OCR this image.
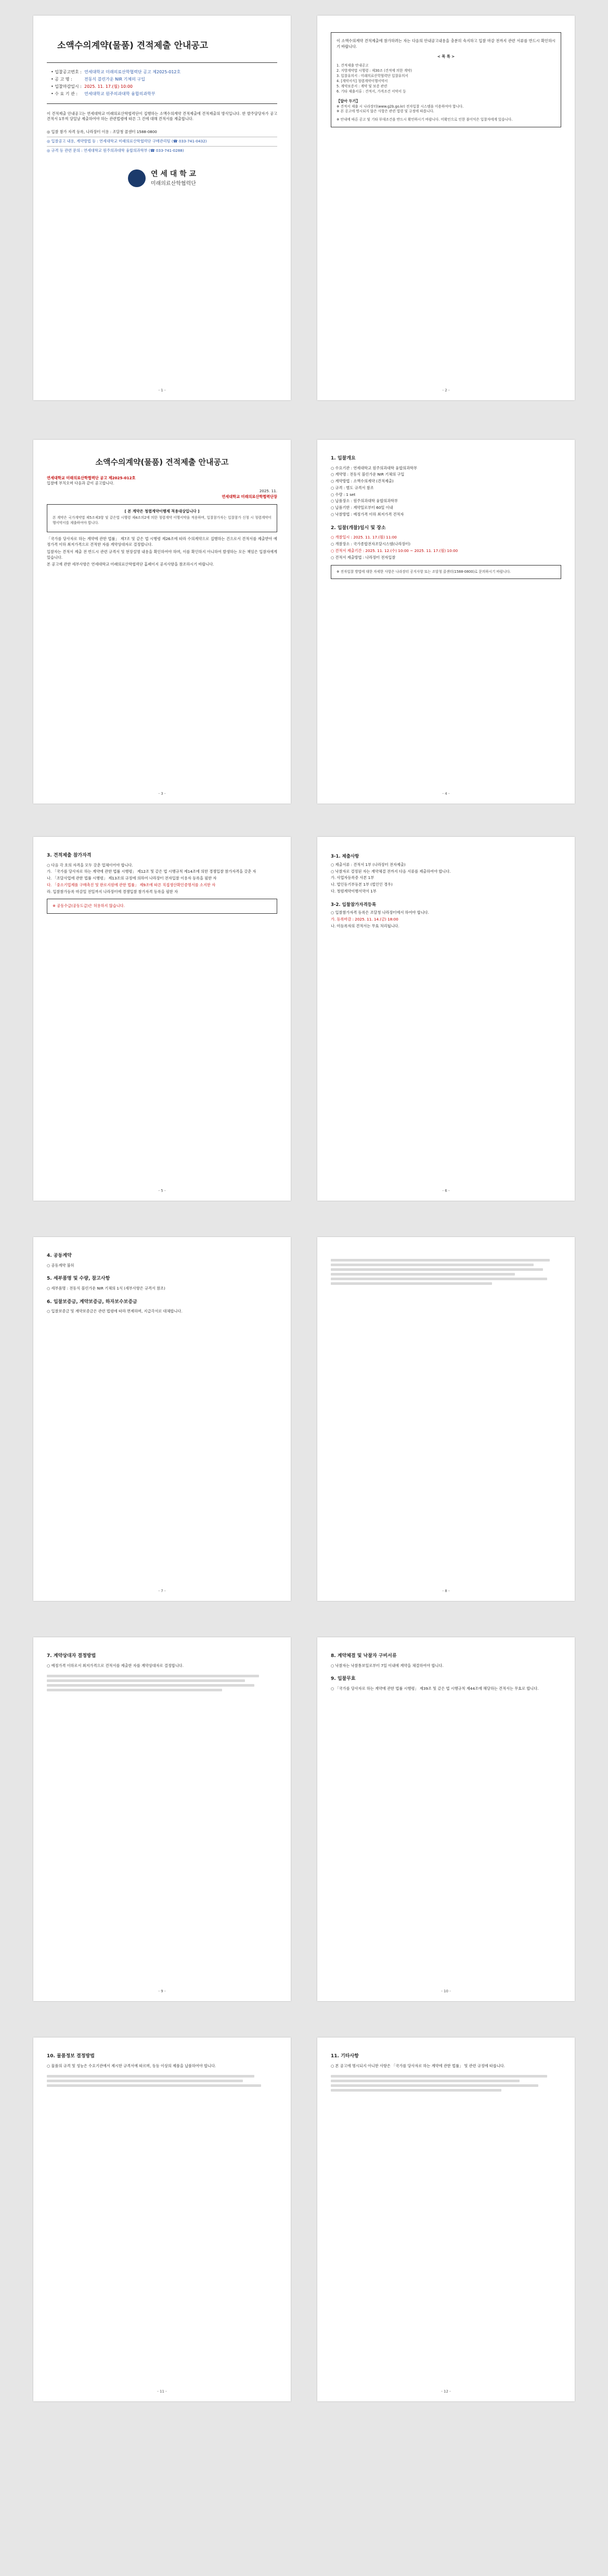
소액수의계약(물품) 견적제출 안내공고
• 입찰공고번호 : 연세대학교 미래의료산학협력단 공고 제2025-012호
• 공 고 명 :	전동식 블린가운 NIR 기체의 구입
• 입찰마감일시 : 2025. 11. 17.(월) 10:00
• 수 요 기 관 :	연세대학교 원주의과대학 융합의과학부
이 견적제출 안내공고는 연세대학교 미래의료산학협력단이 집행하는 소액수의계약 견적제출에 견적제출의 방식입니다. 한 발주담당자가 공고 견적서 1부씩 당일날 제출하여야 하는 관련법령에 따른 그 건에 대해 견적서를 제출합니다.
◎ 입찰 참가 자격 등록, 나라장터 이용 : 조달청 콜센터 1588-0800
◎ 입찰공고 내용, 계약방법 등 : 연세대학교 미래의료산학협력단 구매관리팀 (☎ 033-741-0432)
◎ 규격 등 관련 문의 : 연세대학교 원주의과대학 융합의과학부 (☎ 033-741-0288)
연 세 대 학 교
미래의료산학협력단
- 1 -
이 소액수의계약 견적제출에 참가하려는 자는 다음의 안내공고내용을 충분히 숙지하고 입찰 마감 전까지 관련 서류를 반드시 확인하시기 바랍니다.
< 목 록 >
1. 견적제출 안내공고
2. 지방계약법 시행령 : 제30조 (견적에 의한 계약)
3. 입찰유의서 : 미래의료산학협력단 입찰유의서
4. [계약서식] 청렴계약이행서약서
5. 계약보증서 : 계약 및 보증 관련
6. 기타 제출서류 : 견적서, 가격조건 서약서 등
【알아 두기】
※ 견적서 제출 시 나라장터(www.g2b.go.kr) 전자입찰 시스템을 이용하여야 합니다.
※ 본 공고에 명시되지 않은 사항은 관련 법령 및 규정에 따릅니다.
※ 안내에 따른 공고 및 기타 부대조건을 반드시 확인하시기 바랍니다. 미확인으로 인한 불이익은 입찰자에게 있습니다.
- 2 -
소액수의계약(물품) 견적제출 안내공고
연세대학교 미래의료산학협력단 공고 제2025-012호
입찰에 부치오며 다음과 같이 공고합니다.
2025. 11.
연세대학교 미래의료산학협력단장
[ 본 계약은 청렴계약이행제 적용대상입니다 ]
본 계약은 국가계약법 제5조제3항 및 같은법 시행령 제4조의2에 의한 청렴계약 이행서약을 적용하며, 입찰참가자는 입찰참가 신청 시 청렴계약이행서약서를 제출하여야 합니다.
「국가를 당사자로 하는 계약에 관한 법률」 제7조 및 같은 법 시행령 제26조에 따라 수의계약으로 집행하는 건으로서 견적서를 제출받아 예정가격 이하 최저가격으로 견적한 자를 계약상대자로 결정합니다.
입찰자는 견적서 제출 전 반드시 관련 규격서 및 현장설명 내용을 확인하여야 하며, 이를 확인하지 아니하여 발생하는 모든 책임은 입찰자에게 있습니다.
본 공고에 관한 세부사항은 연세대학교 미래의료산학협력단 홈페이지 공지사항을 참조하시기 바랍니다.
- 3 -
1. 입찰개요
○ 수요기관 : 연세대학교 원주의과대학 융합의과학부
○ 계약명 : 전동식 블린가운 NIR 기체의 구입
○ 계약방법 : 소액수의계약 (견적제출)
○ 규격 : 별도 규격서 참조
○ 수량 : 1 set
○ 납품장소 : 원주의과대학 융합의과학부
○ 납품기한 : 계약일로부터 60일 이내
○ 낙찰방법 : 예정가격 이하 최저가격 견적자
2. 입찰(개찰)일시 및 장소
○ 개찰일시 : 2025. 11. 17.(월) 11:00
○ 개찰장소 : 국가종합전자조달시스템(나라장터)
○ 견적서 제출기간 : 2025. 11. 12.(수) 10:00 ~ 2025. 11. 17.(월) 10:00
○ 견적서 제출방법 : 나라장터 전자입찰
※ 전자입찰 방법에 대한 자세한 사항은 나라장터 공지사항 또는 조달청 콜센터(1588-0800)로 문의하시기 바랍니다.
- 4 -
3. 견적제출 참가자격
○ 다음 각 호의 자격을 모두 갖춘 업체이어야 합니다.
가. 「국가를 당사자로 하는 계약에 관한 법률 시행령」 제12조 및 같은 법 시행규칙 제14조에 의한 경쟁입찰 참가자격을 갖춘 자
나. 「조달사업에 관한 법률 시행령」 제13조의 규정에 의하여 나라장터 전자입찰 이용자 등록을 필한 자
다. 「중소기업제품 구매촉진 및 판로지원에 관한 법률」 제9조에 따른 직접생산확인증명서를 소지한 자
라. 입찰참가등록 마감일 전일까지 나라장터에 경쟁입찰 참가자격 등록을 필한 자
※ 공동수급(공동도급)은 허용하지 않습니다.
- 5 -
3-1. 제출사항
○ 제출서류 : 견적서 1부 (나라장터 전자제출)
○ 낙찰자로 결정된 자는 계약체결 전까지 다음 서류를 제출하여야 합니다.
가. 사업자등록증 사본 1부
나. 법인등기부등본 1부 (법인인 경우)
다. 청렴계약이행서약서 1부
3-2. 입찰참가자격등록
○ 입찰참가자격 등록은 조달청 나라장터에서 하여야 합니다.
가. 등록마감 : 2025. 11. 14.(금) 18:00
나. 미등록자의 견적서는 무효 처리됩니다.
- 6 -
4. 공동계약
○ 공동계약 불허
5. 세부품명 및 수량, 참고사항
○ 세부품명 : 전동식 블린가운 NIR 기체의 1식 (세부사항은 규격서 참조)
6. 입찰보증금, 계약보증금, 하자보수보증금
○ 입찰보증금 및 계약보증금은 관련 법령에 따라 면제하며, 지급각서로 대체합니다.
- 7 -	- 8 -
7. 계약상대자 결정방법
○ 예정가격 이하로서 최저가격으로 견적서를 제출한 자를 계약상대자로 결정합니다.
- 9 -
8. 계약체결 및 낙찰자 구비서류
○ 낙찰자는 낙찰통보일로부터 7일 이내에 계약을 체결하여야 합니다.
9. 입찰무효
○ 「국가를 당사자로 하는 계약에 관한 법률 시행령」 제39조 및 같은 법 시행규칙 제44조에 해당하는 견적서는 무효로 합니다.
- 10 -
10. 물품정보 결정방법
○ 물품의 규격 및 성능은 수요기관에서 제시한 규격서에 따르며, 동등 이상의 제품을 납품하여야 합니다.
- 11 -
11. 기타사항
○ 본 공고에 명시되지 아니한 사항은 「국가를 당사자로 하는 계약에 관한 법률」 및 관련 규정에 따릅니다.
- 12 -
